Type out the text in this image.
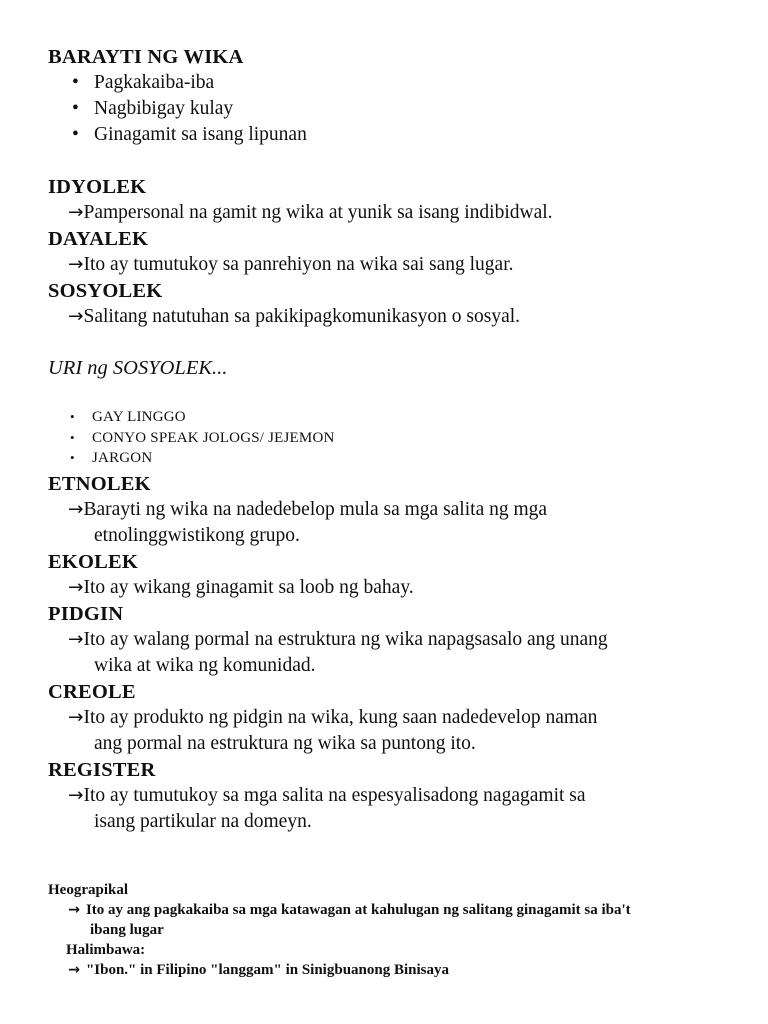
BARAYTI NG WIKA
• Pagkakaiba-iba
• Nagbibigay kulay
• Ginagamit sa isang lipunan
IDYOLEK
→Pampersonal na gamit ng wika at yunik sa isang indibidwal.
DAYALEK
→Ito ay tumutukoy sa panrehiyon na wika sai sang lugar.
SOSYOLEK
→Salitang natutuhan sa pakikipagkomunikasyon o sosyal.
URI ng SOSYOLEK...
• GAY LINGGO
• CONYO SPEAK JOLOGS/ JEJEMON
• JARGON
ETNOLEK
→Barayti ng wika na nadedebelop mula sa mga salita ng mga
etnolinggwistikong grupo.
EKOLEK
→Ito ay wikang ginagamit sa loob ng bahay.
PIDGIN
→Ito ay walang pormal na estruktura ng wika napagsasalo ang unang
wika at wika ng komunidad.
CREOLE
→Ito ay produkto ng pidgin na wika, kung saan nadedevelop naman
ang pormal na estruktura ng wika sa puntong ito.
REGISTER
→Ito ay tumutukoy sa mga salita na espesyalisadong nagagamit sa
isang partikular na domeyn.
Heograpikal
→ Ito ay ang pagkakaiba sa mga katawagan at kahulugan ng salitang ginagamit sa iba't
ibang lugar
Halimbawa:
→ "Ibon." in Filipino "langgam" in Sinigbuanong Binisaya
